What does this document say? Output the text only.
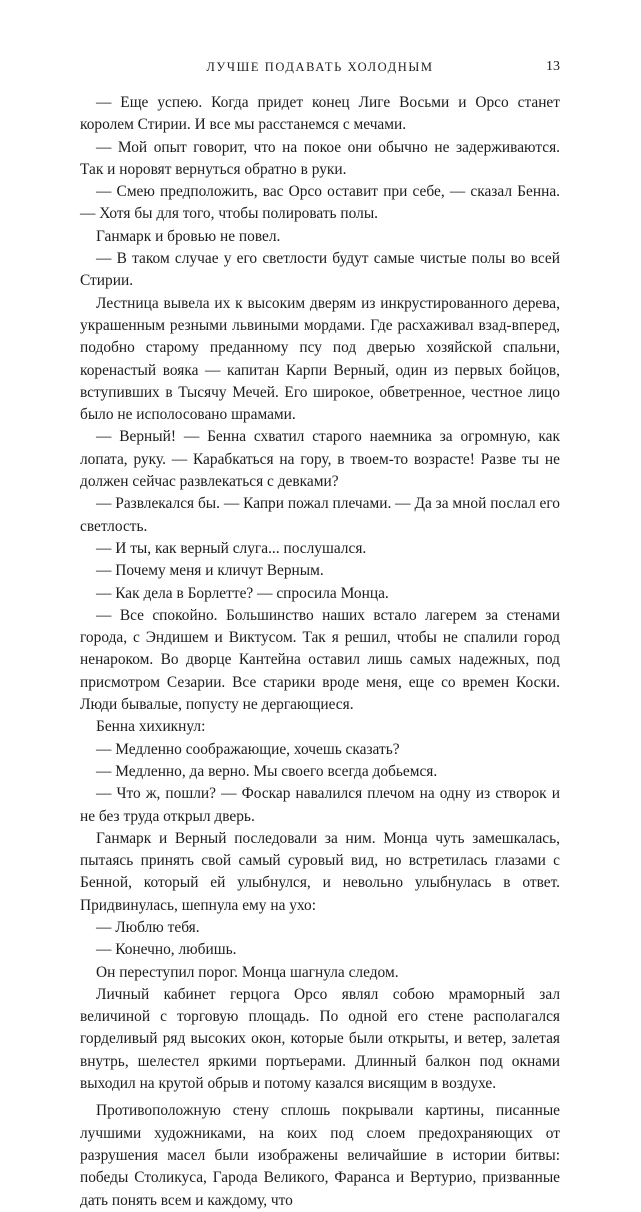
ЛУЧШЕ ПОДАВАТЬ ХОЛОДНЫМ	13

— Еще успею. Когда придет конец Лиге Восьми и Орсо станет королем Стирии. И все мы расстанемся с мечами.

— Мой опыт говорит, что на покое они обычно не задерживаются. Так и норовят вернуться обратно в руки.

— Смею предположить, вас Орсо оставит при себе, — сказал Бенна. — Хотя бы для того, чтобы полировать полы.

Ганмарк и бровью не повел.

— В таком случае у его светлости будут самые чистые полы во всей Стирии.

Лестница вывела их к высоким дверям из инкрустированного дерева, украшенным резными львиными мордами. Где расхаживал взад-вперед, подобно старому преданному псу под дверью хозяйской спальни, коренастый вояка — капитан Карпи Верный, один из первых бойцов, вступивших в Тысячу Мечей. Его широкое, обветренное, честное лицо было не исполосовано шрамами.

— Верный! — Бенна схватил старого наемника за огромную, как лопата, руку. — Карабкаться на гору, в твоем-то возрасте! Разве ты не должен сейчас развлекаться с девками?

— Развлекался бы. — Капри пожал плечами. — Да за мной послал его светлость.

— И ты, как верный слуга... послушался.

— Почему меня и кличут Верным.

— Как дела в Борлетте? — спросила Монца.

— Все спокойно. Большинство наших встало лагерем за стенами города, с Эндишем и Виктусом. Так я решил, чтобы не спалили город ненароком. Во дворце Кантейна оставил лишь самых надежных, под присмотром Сезарии. Все старики вроде меня, еще со времен Коски. Люди бывалые, попусту не дергающиеся.

Бенна хихикнул:

— Медленно соображающие, хочешь сказать?

— Медленно, да верно. Мы своего всегда добьемся.

— Что ж, пошли? — Фоскар навалился плечом на одну из створок и не без труда открыл дверь.

Ганмарк и Верный последовали за ним. Монца чуть замешкалась, пытаясь принять свой самый суровый вид, но встретилась глазами с Бенной, который ей улыбнулся, и невольно улыбнулась в ответ. Придвинулась, шепнула ему на ухо:

— Люблю тебя.

— Конечно, любишь.

Он переступил порог. Монца шагнула следом.

Личный кабинет герцога Орсо являл собою мраморный зал величиной с торговую площадь. По одной его стене располагался горделивый ряд высоких окон, которые были открыты, и ветер, залетая внутрь, шелестел яркими портьерами. Длинный балкон под окнами выходил на крутой обрыв и потому казался висящим в воздухе.

Противоположную стену сплошь покрывали картины, писанные лучшими художниками, на коих под слоем предохраняющих от разрушения масел были изображены величайшие в истории битвы: победы Столикуса, Гарода Великого, Фаранса и Вертурио, призванные дать понять всем и каждому, что
